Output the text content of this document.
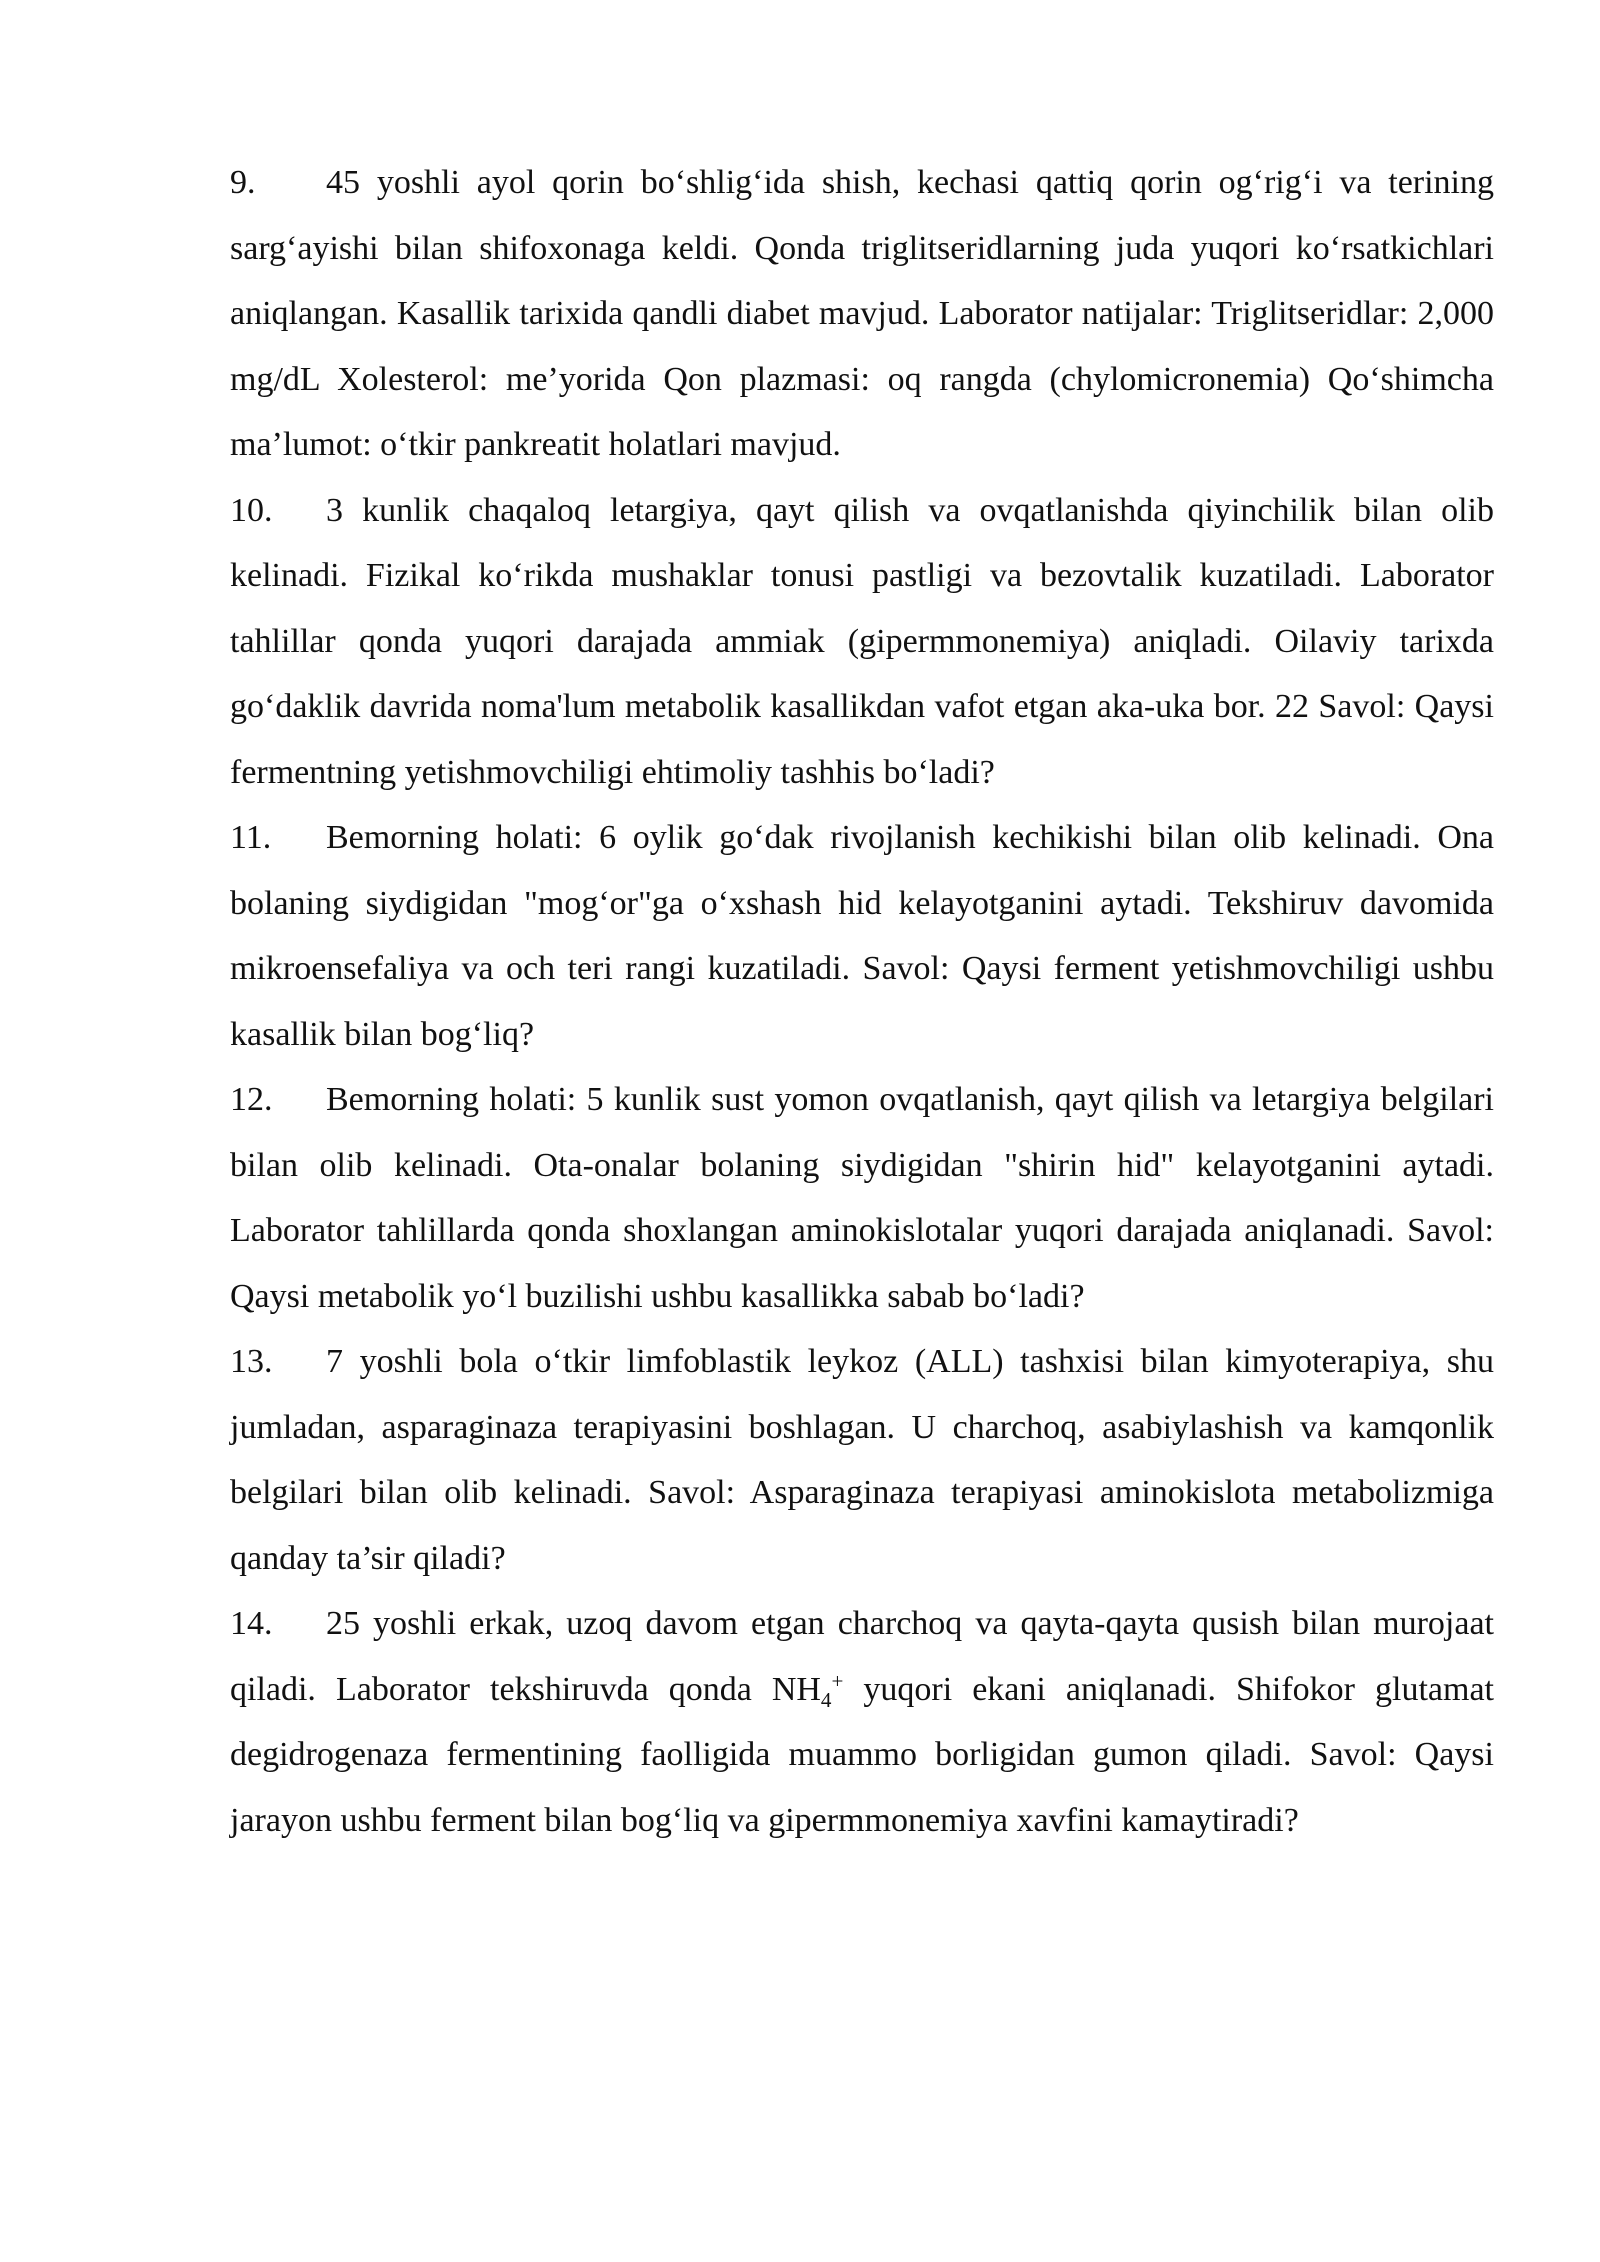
9. 45 yoshli ayol qorin bo‘shlig‘ida shish, kechasi qattiq qorin og‘rig‘i va terining sarg‘ayishi bilan shifoxonaga keldi. Qonda triglitseridlarning juda yuqori ko‘rsatkichlari aniqlangan. Kasallik tarixida qandli diabet mavjud. Laborator natijalar: Triglitseridlar: 2,000 mg/dL Xolesterol: me’yorida Qon plazmasi: oq rangda (chylomicronemia) Qo‘shimcha ma’lumot: o‘tkir pankreatit holatlari mavjud.

10. 3 kunlik chaqaloq letargiya, qayt qilish va ovqatlanishda qiyinchilik bilan olib kelinadi. Fizikal ko‘rikda mushaklar tonusi pastligi va bezovtalik kuzatiladi. Laborator tahlillar qonda yuqori darajada ammiak (gipermmonemiya) aniqladi. Oilaviy tarixda go‘daklik davrida noma'lum metabolik kasallikdan vafot etgan aka-uka bor. 22 Savol: Qaysi fermentning yetishmovchiligi ehtimoliy tashhis bo‘ladi?

11. Bemorning holati: 6 oylik go‘dak rivojlanish kechikishi bilan olib kelinadi. Ona bolaning siydigidan "mog‘or"ga o‘xshash hid kelayotganini aytadi. Tekshiruv davomida mikroensefaliya va och teri rangi kuzatiladi. Savol: Qaysi ferment yetishmovchiligi ushbu kasallik bilan bog‘liq?

12. Bemorning holati: 5 kunlik sust yomon ovqatlanish, qayt qilish va letargiya belgilari bilan olib kelinadi. Ota-onalar bolaning siydigidan "shirin hid" kelayotganini aytadi. Laborator tahlillarda qonda shoxlangan aminokislotalar yuqori darajada aniqlanadi. Savol: Qaysi metabolik yo‘l buzilishi ushbu kasallikka sabab bo‘ladi?

13. 7 yoshli bola o‘tkir limfoblastik leykoz (ALL) tashxisi bilan kimyoterapiya, shu jumladan, asparaginaza terapiyasini boshlagan. U charchoq, asabiylashish va kamqonlik belgilari bilan olib kelinadi. Savol: Asparaginaza terapiyasi aminokislota metabolizmiga qanday ta’sir qiladi?

14. 25 yoshli erkak, uzoq davom etgan charchoq va qayta-qayta qusish bilan murojaat qiladi. Laborator tekshiruvda qonda $NH_4^+$ yuqori ekani aniqlanadi. Shifokor glutamat degidrogenaza fermentining faolligida muammo borligidan gumon qiladi. Savol: Qaysi jarayon ushbu ferment bilan bog‘liq va gipermmonemiya xavfini kamaytiradi?
